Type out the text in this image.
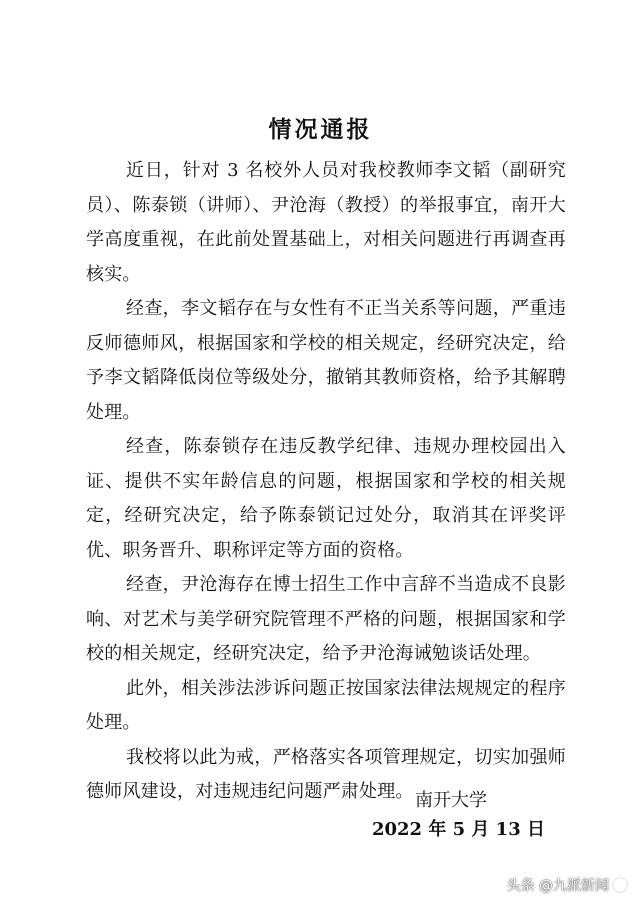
情况通报

近日，针对 3 名校外人员对我校教师李文韬（副研究员）、陈泰锁（讲师）、尹沧海（教授）的举报事宜，南开大学高度重视，在此前处置基础上，对相关问题进行再调查再核实。

经查，李文韬存在与女性有不正当关系等问题，严重违反师德师风，根据国家和学校的相关规定，经研究决定，给予李文韬降低岗位等级处分，撤销其教师资格，给予其解聘处理。

经查，陈泰锁存在违反教学纪律、违规办理校园出入证、提供不实年龄信息的问题，根据国家和学校的相关规定，经研究决定，给予陈泰锁记过处分，取消其在评奖评优、职务晋升、职称评定等方面的资格。

经查，尹沧海存在博士招生工作中言辞不当造成不良影响、对艺术与美学研究院管理不严格的问题，根据国家和学校的相关规定，经研究决定，给予尹沧海诫勉谈话处理。

此外，相关涉法涉诉问题正按国家法律法规规定的程序处理。

我校将以此为戒，严格落实各项管理规定，切实加强师德师风建设，对违规违纪问题严肃处理。 南开大学
2022 年 5 月 13 日
头条 @九派新闻
